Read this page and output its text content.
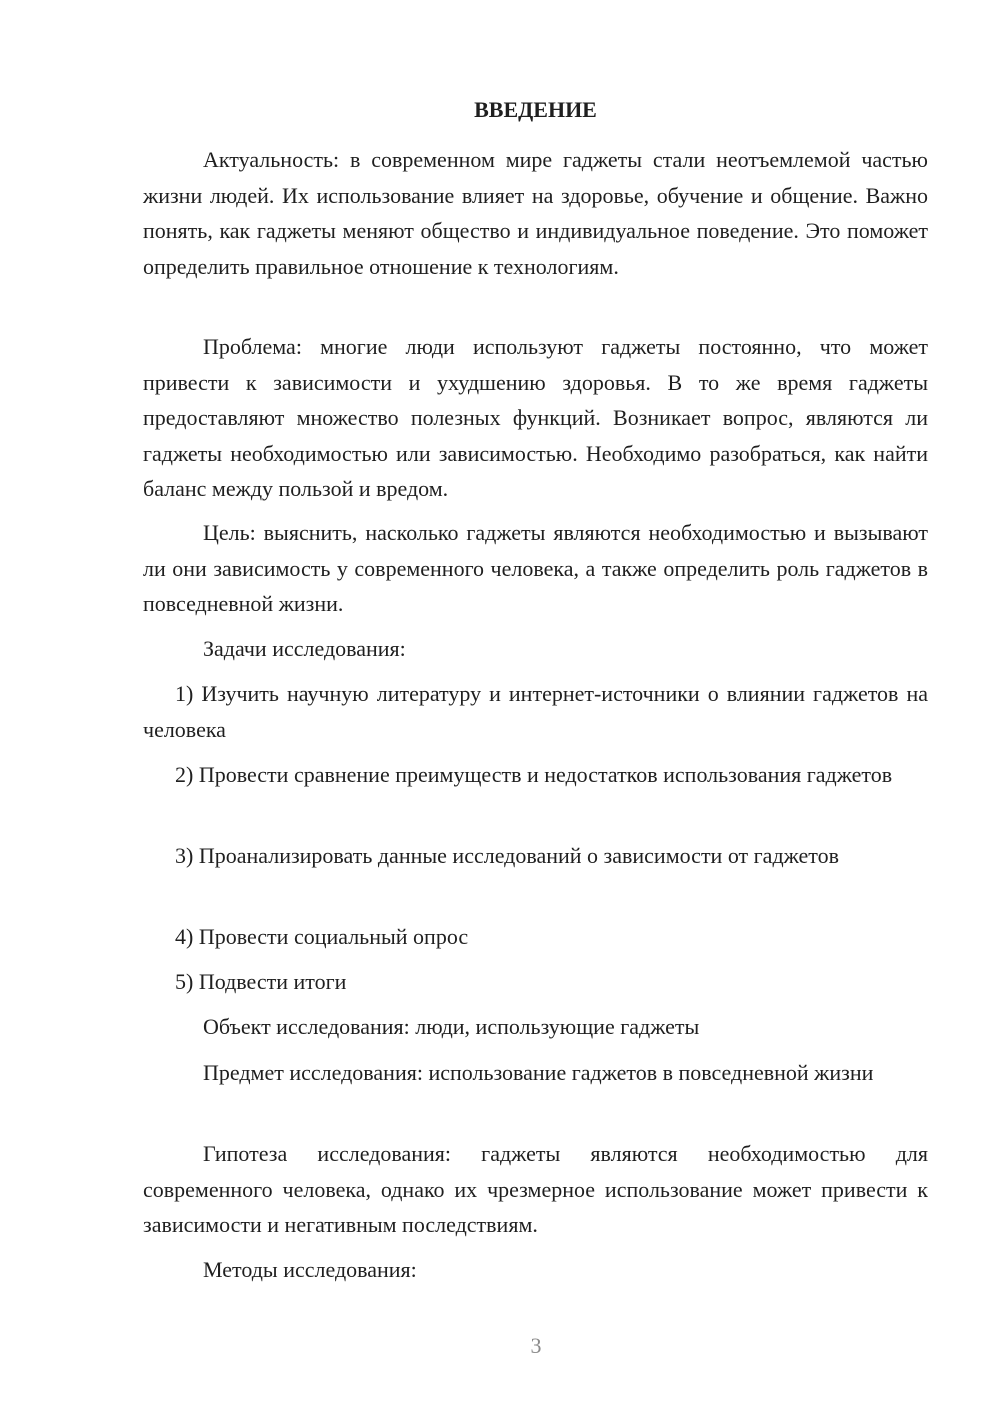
ВВЕДЕНИЕ

Актуальность: в современном мире гаджеты стали неотъемлемой частью жизни людей. Их использование влияет на здоровье, обучение и общение. Важно понять, как гаджеты меняют общество и индивидуальное поведение. Это поможет определить правильное отношение к технологиям.

Проблема: многие люди используют гаджеты постоянно, что может привести к зависимости и ухудшению здоровья. В то же время гаджеты предоставляют множество полезных функций. Возникает вопрос, являются ли гаджеты необходимостью или зависимостью. Необходимо разобраться, как найти баланс между пользой и вредом.

Цель: выяснить, насколько гаджеты являются необходимостью и вызывают ли они зависимость у современного человека, а также определить роль гаджетов в повседневной жизни.

Задачи исследования:

1) Изучить научную литературу и интернет-источники о влиянии гаджетов на человека

2) Провести сравнение преимуществ и недостатков использования гаджетов

3) Проанализировать данные исследований о зависимости от гаджетов

4) Провести социальный опрос

5) Подвести итоги

Объект исследования: люди, использующие гаджеты

Предмет исследования: использование гаджетов в повседневной жизни

Гипотеза исследования: гаджеты являются необходимостью для современного человека, однако их чрезмерное использование может привести к зависимости и негативным последствиям.

Методы исследования:

3
